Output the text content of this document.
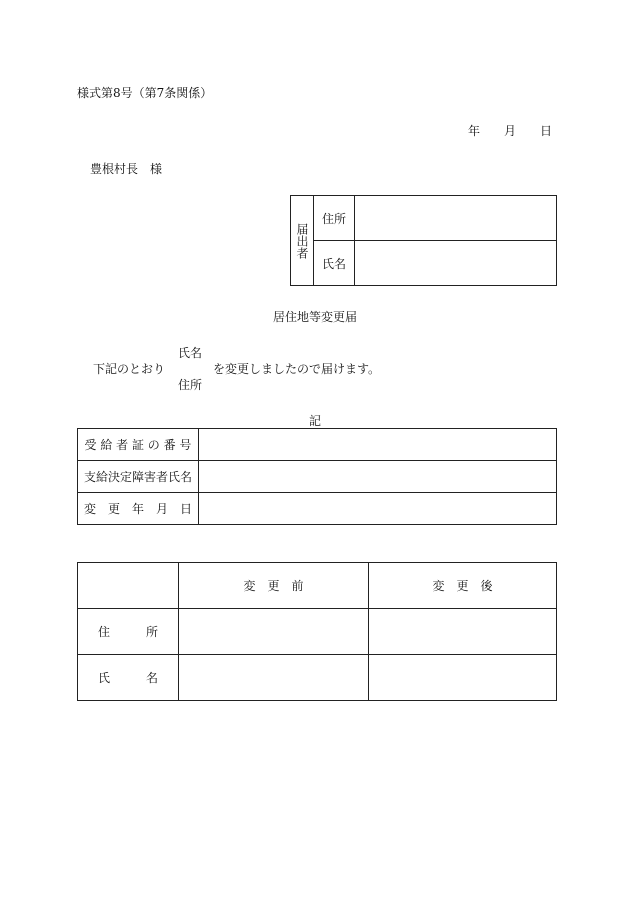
様式第8号（第7条関係）
年 月 日
豊根村長　様
届出者	住所	
	氏名	
居住地等変更届
下記のとおり
氏名
住所
を変更しましたので届けます。
記
受 給 者 証 の 番 号	
支給決定障害者氏名	
変　更　年　月　日	
	変　更　前	変　更　後
住　　　所		
氏　　　名		
